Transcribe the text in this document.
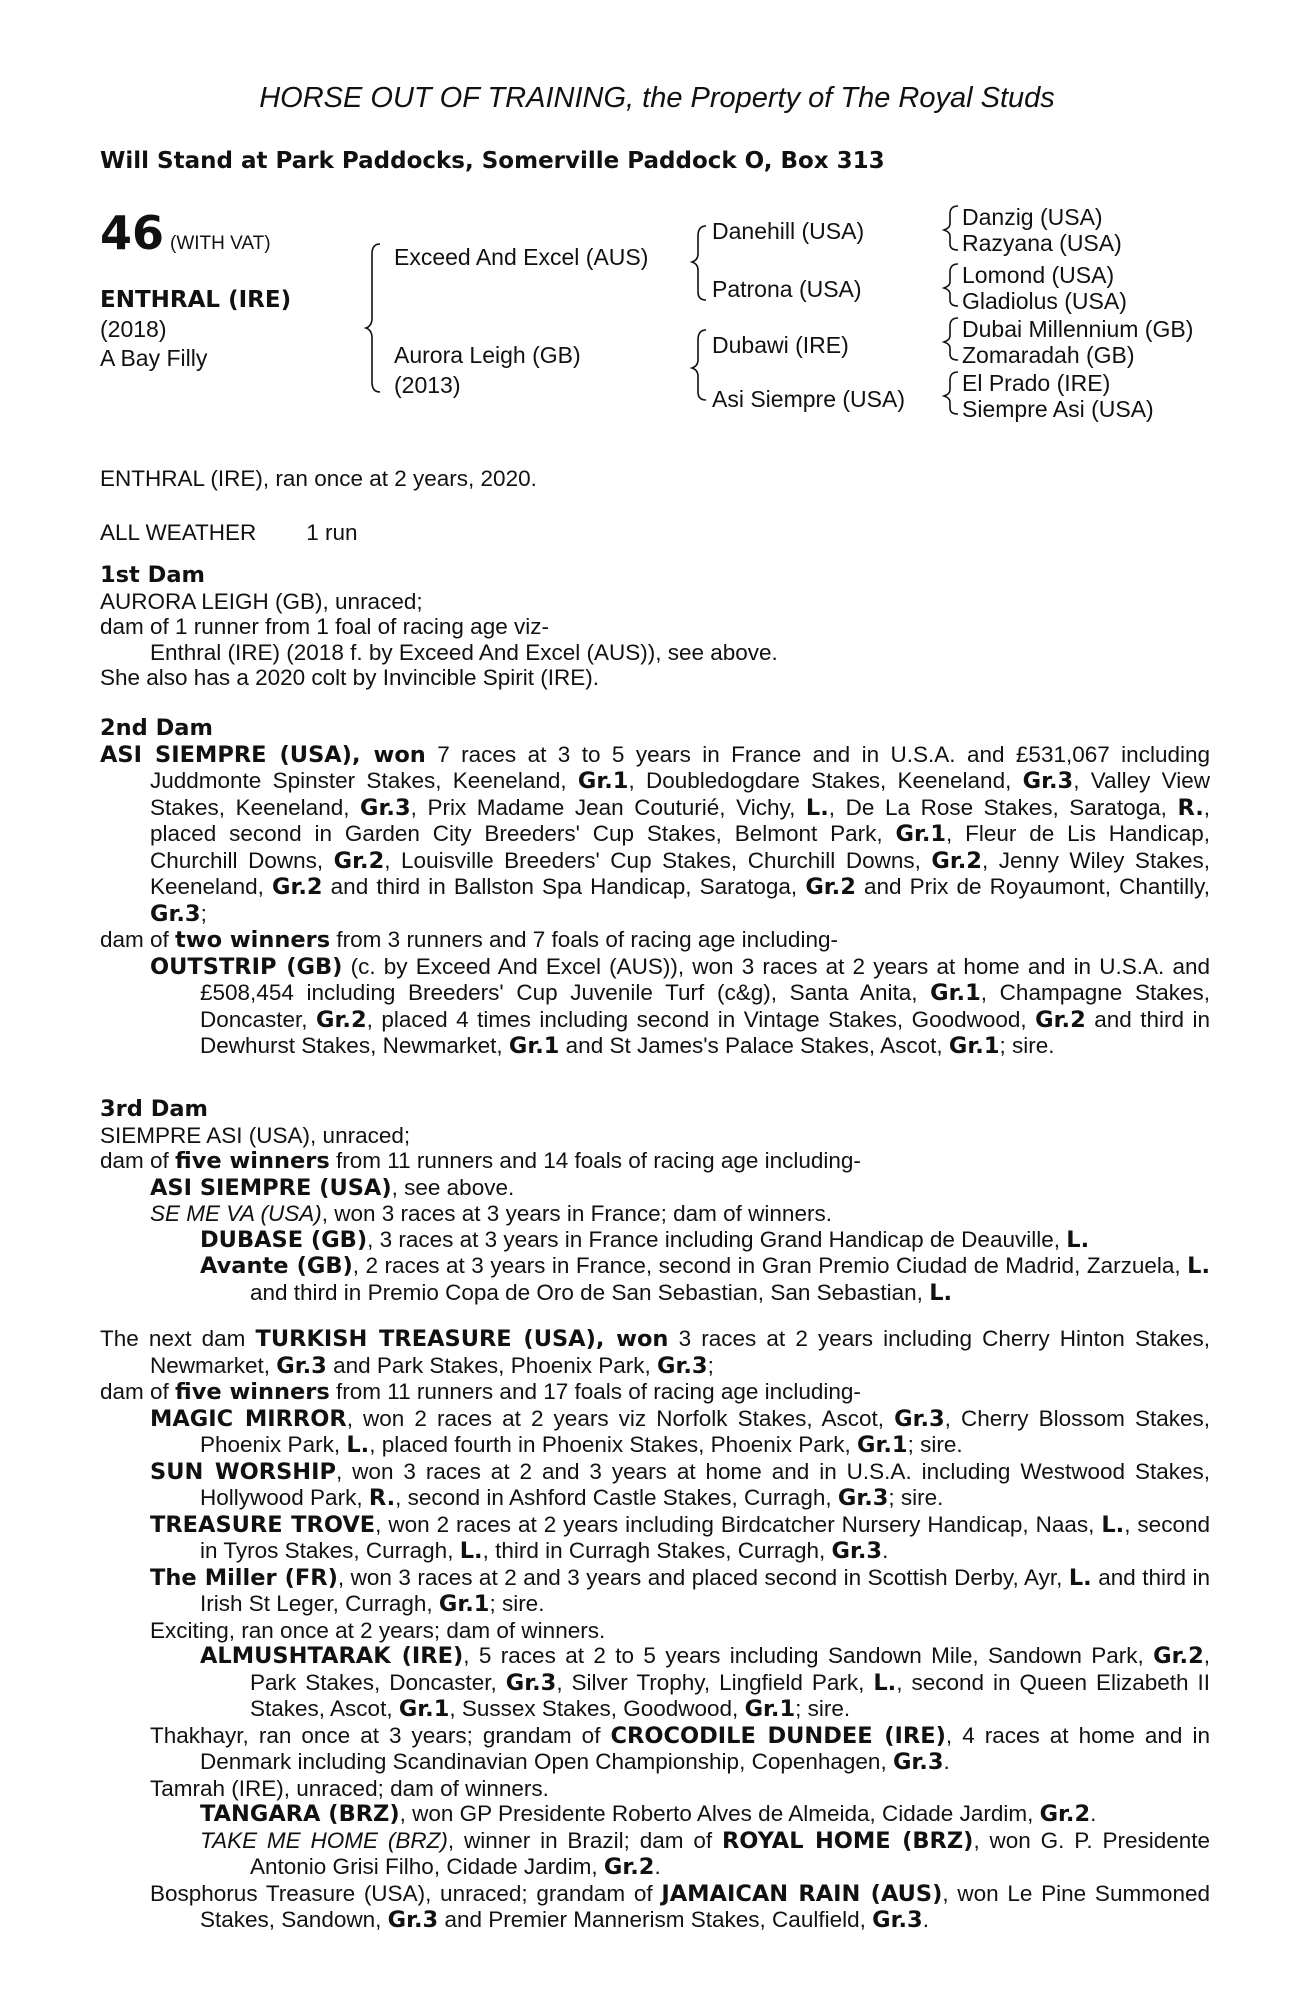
HORSE OUT OF TRAINING, the Property of The Royal Studs
Will Stand at Park Paddocks, Somerville Paddock O, Box 313
46 (WITH VAT)
ENTHRAL (IRE)
(2018)
A Bay Filly
Exceed And Excel (AUS)
Aurora Leigh (GB)
(2013)
Danehill (USA)
Patrona (USA)
Dubawi (IRE)
Asi Siempre (USA)
Danzig (USA)
Razyana (USA)
Lomond (USA)
Gladiolus (USA)
Dubai Millennium (GB)
Zomaradah (GB)
El Prado (IRE)
Siempre Asi (USA)

ENTHRAL (IRE), ran once at 2 years, 2020.

ALL WEATHER 1 run

1st Dam

AURORA LEIGH (GB), unraced;

dam of 1 runner from 1 foal of racing age viz-

Enthral (IRE) (2018 f. by Exceed And Excel (AUS)), see above.

She also has a 2020 colt by Invincible Spirit (IRE).

2nd Dam

ASI SIEMPRE (USA), won 7 races at 3 to 5 years in France and in U.S.A. and £531,067 including Juddmonte Spinster Stakes, Keeneland, Gr.1, Doubledogdare Stakes, Keeneland, Gr.3, Valley View Stakes, Keeneland, Gr.3, Prix Madame Jean Couturié, Vichy, L., De La Rose Stakes, Saratoga, R., placed second in Garden City Breeders' Cup Stakes, Belmont Park, Gr.1, Fleur de Lis Handicap, Churchill Downs, Gr.2, Louisville Breeders' Cup Stakes, Churchill Downs, Gr.2, Jenny Wiley Stakes, Keeneland, Gr.2 and third in Ballston Spa Handicap, Saratoga, Gr.2 and Prix de Royaumont, Chantilly, Gr.3;

dam of two winners from 3 runners and 7 foals of racing age including-

OUTSTRIP (GB) (c. by Exceed And Excel (AUS)), won 3 races at 2 years at home and in U.S.A. and £508,454 including Breeders' Cup Juvenile Turf (c&g), Santa Anita, Gr.1, Champagne Stakes, Doncaster, Gr.2, placed 4 times including second in Vintage Stakes, Goodwood, Gr.2 and third in Dewhurst Stakes, Newmarket, Gr.1 and St James's Palace Stakes, Ascot, Gr.1; sire.

3rd Dam

SIEMPRE ASI (USA), unraced;

dam of five winners from 11 runners and 14 foals of racing age including-

ASI SIEMPRE (USA), see above.

SE ME VA (USA), won 3 races at 3 years in France; dam of winners.

DUBASE (GB), 3 races at 3 years in France including Grand Handicap de Deauville, L.

Avante (GB), 2 races at 3 years in France, second in Gran Premio Ciudad de Madrid, Zarzuela, L. and third in Premio Copa de Oro de San Sebastian, San Sebastian, L.

The next dam TURKISH TREASURE (USA), won 3 races at 2 years including Cherry Hinton Stakes, Newmarket, Gr.3 and Park Stakes, Phoenix Park, Gr.3;

dam of five winners from 11 runners and 17 foals of racing age including-

MAGIC MIRROR, won 2 races at 2 years viz Norfolk Stakes, Ascot, Gr.3, Cherry Blossom Stakes, Phoenix Park, L., placed fourth in Phoenix Stakes, Phoenix Park, Gr.1; sire.

SUN WORSHIP, won 3 races at 2 and 3 years at home and in U.S.A. including Westwood Stakes, Hollywood Park, R., second in Ashford Castle Stakes, Curragh, Gr.3; sire.

TREASURE TROVE, won 2 races at 2 years including Birdcatcher Nursery Handicap, Naas, L., second in Tyros Stakes, Curragh, L., third in Curragh Stakes, Curragh, Gr.3.

The Miller (FR), won 3 races at 2 and 3 years and placed second in Scottish Derby, Ayr, L. and third in Irish St Leger, Curragh, Gr.1; sire.

Exciting, ran once at 2 years; dam of winners.

ALMUSHTARAK (IRE), 5 races at 2 to 5 years including Sandown Mile, Sandown Park, Gr.2, Park Stakes, Doncaster, Gr.3, Silver Trophy, Lingfield Park, L., second in Queen Elizabeth II Stakes, Ascot, Gr.1, Sussex Stakes, Goodwood, Gr.1; sire.

Thakhayr, ran once at 3 years; grandam of CROCODILE DUNDEE (IRE), 4 races at home and in Denmark including Scandinavian Open Championship, Copenhagen, Gr.3.

Tamrah (IRE), unraced; dam of winners.

TANGARA (BRZ), won GP Presidente Roberto Alves de Almeida, Cidade Jardim, Gr.2.

TAKE ME HOME (BRZ), winner in Brazil; dam of ROYAL HOME (BRZ), won G. P. Presidente Antonio Grisi Filho, Cidade Jardim, Gr.2.

Bosphorus Treasure (USA), unraced; grandam of JAMAICAN RAIN (AUS), won Le Pine Summoned Stakes, Sandown, Gr.3 and Premier Mannerism Stakes, Caulfield, Gr.3.
